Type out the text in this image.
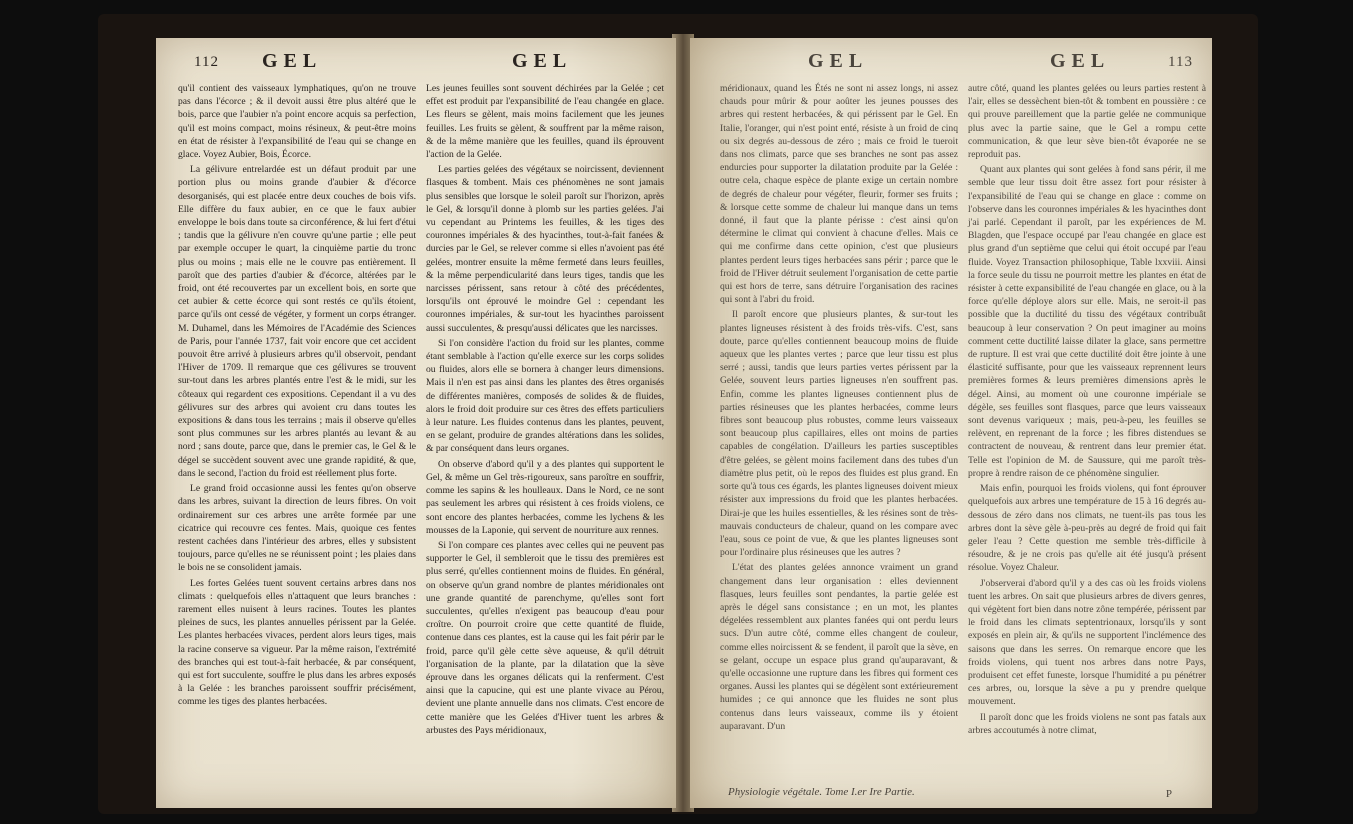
112 GEL	GEL

qu'il contient des vaisseaux lymphatiques, qu'on ne trouve pas dans l'écorce ; & il devoit aussi être plus altéré que le bois, parce que l'aubier n'a point encore acquis sa perfection, qu'il est moins compact, moins résineux, & peut-être moins en état de résister à l'expansibilité de l'eau qui se change en glace. Voyez Aubier, Bois, Écorce.

La gélivure entrelardée est un défaut produit par une portion plus ou moins grande d'aubier & d'écorce desorganisés, qui est placée entre deux couches de bois vifs. Elle diffère du faux aubier, en ce que le faux aubier enveloppe le bois dans toute sa circonférence, & lui fert d'étui ; tandis que la gélivure n'en couvre qu'une partie ; elle peut par exemple occuper le quart, la cinquième partie du tronc plus ou moins ; mais elle ne le couvre pas entièrement. Il paroît que des parties d'aubier & d'écorce, altérées par le froid, ont été recouvertes par un excellent bois, en sorte que cet aubier & cette écorce qui sont restés ce qu'ils étoient, parce qu'ils ont cessé de végéter, y forment un corps étranger. M. Duhamel, dans les Mémoires de l'Académie des Sciences de Paris, pour l'année 1737, fait voir encore que cet accident pouvoit être arrivé à plusieurs arbres qu'il observoit, pendant l'Hiver de 1709. Il remarque que ces gélivures se trouvent sur-tout dans les arbres plantés entre l'est & le midi, sur les côteaux qui regardent ces expositions. Cependant il a vu des gélivures sur des arbres qui avoient cru dans toutes les expositions & dans tous les terrains ; mais il observe qu'elles sont plus communes sur les arbres plantés au levant & au nord ; sans doute, parce que, dans le premier cas, le Gel & le dégel se succèdent souvent avec une grande rapidité, & que, dans le second, l'action du froid est réellement plus forte.

Le grand froid occasionne aussi les fentes qu'on observe dans les arbres, suivant la direction de leurs fibres. On voit ordinairement sur ces arbres une arrête formée par une cicatrice qui recouvre ces fentes. Mais, quoique ces fentes restent cachées dans l'intérieur des arbres, elles y subsistent toujours, parce qu'elles ne se réunissent point ; les plaies dans le bois ne se consolident jamais.

Les fortes Gelées tuent souvent certains arbres dans nos climats : quelquefois elles n'attaquent que leurs branches : rarement elles nuisent à leurs racines. Toutes les plantes pleines de sucs, les plantes annuelles périssent par la Gelée. Les plantes herbacées vivaces, perdent alors leurs tiges, mais la racine conserve sa vigueur. Par la même raison, l'extrémité des branches qui est tout-à-fait herbacée, & par conséquent, qui est fort succulente, souffre le plus dans les arbres exposés à la Gelée : les branches paroissent souffrir précisément, comme les tiges des plantes herbacées.

Les jeunes feuilles sont souvent déchirées par la Gelée ; cet effet est produit par l'expansibilité de l'eau changée en glace. Les fleurs se gèlent, mais moins facilement que les jeunes feuilles. Les fruits se gèlent, & souffrent par la même raison, & de la même manière que les feuilles, quand ils éprouvent l'action de la Gelée.

Les parties gelées des végétaux se noircissent, deviennent flasques & tombent. Mais ces phénomènes ne sont jamais plus sensibles que lorsque le soleil paroît sur l'horizon, après le Gel, & lorsqu'il donne à plomb sur les parties gelées. J'ai vu cependant au Printems les feuilles, & les tiges des couronnes impériales & des hyacinthes, tout-à-fait fanées & durcies par le Gel, se relever comme si elles n'avoient pas été gelées, montrer ensuite la même fermeté dans leurs feuilles, & la même perpendicularité dans leurs tiges, tandis que les narcisses périssent, sans retour à côté des précédentes, lorsqu'ils ont éprouvé le moindre Gel : cependant les couronnes impériales, & sur-tout les hyacinthes paroissent aussi succulentes, & presqu'aussi délicates que les narcisses.

Si l'on considère l'action du froid sur les plantes, comme étant semblable à l'action qu'elle exerce sur les corps solides ou fluides, alors elle se bornera à changer leurs dimensions. Mais il n'en est pas ainsi dans les plantes des êtres organisés de différentes manières, composés de solides & de fluides, alors le froid doit produire sur ces êtres des effets particuliers à leur nature. Les fluides contenus dans les plantes, peuvent, en se gelant, produire de grandes altérations dans les solides, & par conséquent dans leurs organes.

On observe d'abord qu'il y a des plantes qui supportent le Gel, & même un Gel très-rigoureux, sans paroître en souffrir, comme les sapins & les houlleaux. Dans le Nord, ce ne sont pas seulement les arbres qui résistent à ces froids violens, ce sont encore des plantes herbacées, comme les lychens & les mousses de la Laponie, qui servent de nourriture aux rennes.

Si l'on compare ces plantes avec celles qui ne peuvent pas supporter le Gel, il sembleroit que le tissu des premières est plus serré, qu'elles contiennent moins de fluides. En général, on observe qu'un grand nombre de plantes méridionales ont une grande quantité de parenchyme, qu'elles sont fort succulentes, qu'elles n'exigent pas beaucoup d'eau pour croître. On pourroit croire que cette quantité de fluide, contenue dans ces plantes, est la cause qui les fait périr par le froid, parce qu'il gèle cette sève aqueuse, & qu'il détruit l'organisation de la plante, par la dilatation que la sève éprouve dans les organes délicats qui la renferment. C'est ainsi que la capucine, qui est une plante vivace au Pérou, devient une plante annuelle dans nos climats. C'est encore de cette manière que les Gelées d'Hiver tuent les arbres & arbustes des Pays méridionaux,

GEL	GEL	113

méridionaux, quand les Étés ne sont ni assez longs, ni assez chauds pour mûrir & pour aoûter les jeunes pousses des arbres qui restent herbacées, & qui périssent par le Gel. En Italie, l'oranger, qui n'est point enté, résiste à un froid de cinq ou six degrés au-dessous de zéro ; mais ce froid le tueroit dans nos climats, parce que ses branches ne sont pas assez endurcies pour supporter la dilatation produite par la Gelée : outre cela, chaque espèce de plante exige un certain nombre de degrés de chaleur pour végéter, fleurir, former ses fruits ; & lorsque cette somme de chaleur lui manque dans un tems donné, il faut que la plante périsse : c'est ainsi qu'on détermine le climat qui convient à chacune d'elles. Mais ce qui me confirme dans cette opinion, c'est que plusieurs plantes perdent leurs tiges herbacées sans périr ; parce que le froid de l'Hiver détruit seulement l'organisation de cette partie qui est hors de terre, sans détruire l'organisation des racines qui sont à l'abri du froid.

Il paroît encore que plusieurs plantes, & sur-tout les plantes ligneuses résistent à des froids très-vifs. C'est, sans doute, parce qu'elles contiennent beaucoup moins de fluide aqueux que les plantes vertes ; parce que leur tissu est plus serré ; aussi, tandis que leurs parties vertes périssent par la Gelée, souvent leurs parties ligneuses n'en souffrent pas. Enfin, comme les plantes ligneuses contiennent plus de parties résineuses que les plantes herbacées, comme leurs fibres sont beaucoup plus robustes, comme leurs vaisseaux sont beaucoup plus capillaires, elles ont moins de parties capables de congélation. D'ailleurs les parties susceptibles d'être gelées, se gèlent moins facilement dans des tubes d'un diamètre plus petit, où le repos des fluides est plus grand. En sorte qu'à tous ces égards, les plantes ligneuses doivent mieux résister aux impressions du froid que les plantes herbacées. Dirai-je que les huiles essentielles, & les résines sont de très-mauvais conducteurs de chaleur, quand on les compare avec l'eau, sous ce point de vue, & que les plantes ligneuses sont pour l'ordinaire plus résineuses que les autres ?

L'état des plantes gelées annonce vraiment un grand changement dans leur organisation : elles deviennent flasques, leurs feuilles sont pendantes, la partie gelée est après le dégel sans consistance ; en un mot, les plantes dégelées ressemblent aux plantes fanées qui ont perdu leurs sucs. D'un autre côté, comme elles changent de couleur, comme elles noircissent & se fendent, il paroît que la sève, en se gelant, occupe un espace plus grand qu'auparavant, & qu'elle occasionne une rupture dans les fibres qui forment ces organes. Aussi les plantes qui se dégèlent sont extérieurement humides ; ce qui annonce que les fluides ne sont plus contenus dans leurs vaisseaux, comme ils y étoient auparavant. D'un

autre côté, quand les plantes gelées ou leurs parties restent à l'air, elles se dessèchent bien-tôt & tombent en poussière : ce qui prouve pareillement que la partie gelée ne communique plus avec la partie saine, que le Gel a rompu cette communication, & que leur sève bien-tôt évaporée ne se reproduit pas.

Quant aux plantes qui sont gelées à fond sans périr, il me semble que leur tissu doit être assez fort pour résister à l'expansibilité de l'eau qui se change en glace : comme on l'observe dans les couronnes impériales & les hyacinthes dont j'ai parlé. Cependant il paroît, par les expériences de M. Blagden, que l'espace occupé par l'eau changée en glace est plus grand d'un septième que celui qui étoit occupé par l'eau fluide. Voyez Transaction philosophique, Table lxxviii. Ainsi la force seule du tissu ne pourroit mettre les plantes en état de résister à cette expansibilité de l'eau changée en glace, ou à la force qu'elle déploye alors sur elle. Mais, ne seroit-il pas possible que la ductilité du tissu des végétaux contribuât beaucoup à leur conservation ? On peut imaginer au moins comment cette ductilité laisse dilater la glace, sans permettre de rupture. Il est vrai que cette ductilité doit être jointe à une élasticité suffisante, pour que les vaisseaux reprennent leurs premières formes & leurs premières dimensions après le dégel. Ainsi, au moment où une couronne impériale se dégèle, ses feuilles sont flasques, parce que leurs vaisseaux sont devenus variqueux ; mais, peu-à-peu, les feuilles se relèvent, en reprenant de la force ; les fibres distendues se contractent de nouveau, & rentrent dans leur premier état. Telle est l'opinion de M. de Saussure, qui me paroît très-propre à rendre raison de ce phénomène singulier.

Mais enfin, pourquoi les froids violens, qui font éprouver quelquefois aux arbres une température de 15 à 16 degrés au-dessous de zéro dans nos climats, ne tuent-ils pas tous les arbres dont la sève gèle à-peu-près au degré de froid qui fait geler l'eau ? Cette question me semble très-difficile à résoudre, & je ne crois pas qu'elle ait été jusqu'à présent résolue. Voyez Chaleur.

J'observerai d'abord qu'il y a des cas où les froids violens tuent les arbres. On sait que plusieurs arbres de divers genres, qui végètent fort bien dans notre zône tempérée, périssent par le froid dans les climats septentrionaux, lorsqu'ils y sont exposés en plein air, & qu'ils ne supportent l'inclémence des saisons que dans les serres. On remarque encore que les froids violens, qui tuent nos arbres dans notre Pays, produisent cet effet funeste, lorsque l'humidité a pu pénétrer ces arbres, ou, lorsque la sève a pu y prendre quelque mouvement.

Il paroît donc que les froids violens ne sont pas fatals aux arbres accoutumés à notre climat,

Physiologie végétale. Tome I.er Ire Partie.	P
